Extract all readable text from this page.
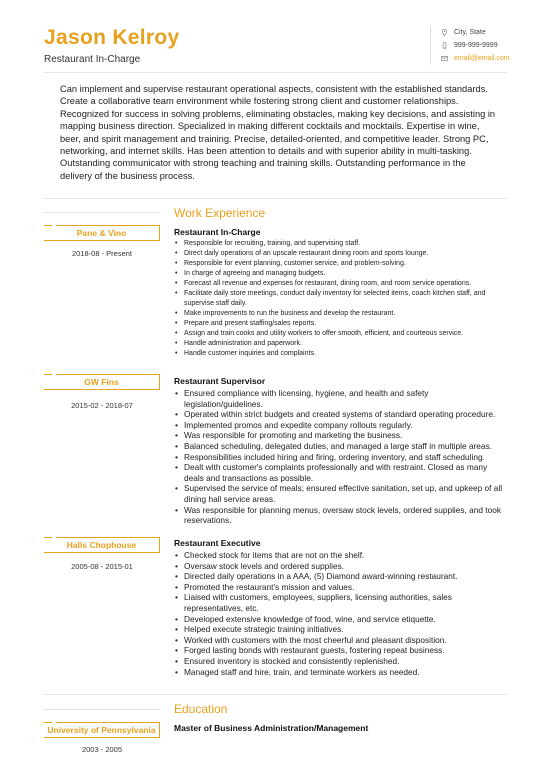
Jason Kelroy
Restaurant In-Charge
City, State
999-999-9999
email@email.com
Can implement and supervise restaurant operational aspects, consistent with the established standards. Create a collaborative team environment while fostering strong client and customer relationships. Recognized for success in solving problems, eliminating obstacles, making key decisions, and assisting in mapping business direction. Specialized in making different cocktails and mocktails. Expertise in wine, beer, and spirit management and training. Precise, detailed-oriented, and competitive leader. Strong PC, networking, and internet skills. Has been attention to details and with superior ability in multi-tasking. Outstanding communicator with strong teaching and training skills. Outstanding performance in the delivery of the business process.
Work Experience
Pane & Vino
2018-08 - Present
Restaurant In-Charge
• Responsible for recruiting, training, and supervising staff.
• Direct daily operations of an upscale restaurant dining room and sports lounge.
• Responsible for event planning, customer service, and problem-solving.
• In charge of agreeing and managing budgets.
• Forecast all revenue and expenses for restaurant, dining room, and room service operations.
• Facilitate daily store meetings, conduct daily inventory for selected items, coach kitchen staff, and supervise staff daily.
• Make improvements to run the business and develop the restaurant.
• Prepare and present staffing/sales reports.
• Assign and train cooks and utility workers to offer smooth, efficient, and courteous service.
• Handle administration and paperwork.
• Handle customer inquiries and complaints.
GW Fins
2015-02 - 2018-07
Restaurant Supervisor
• Ensured compliance with licensing, hygiene, and health and safety legislation/guidelines.
• Operated within strict budgets and created systems of standard operating procedure.
• Implemented promos and expedite company rollouts regularly.
• Was responsible for promoting and marketing the business.
• Balanced scheduling, delegated duties, and managed a large staff in multiple areas.
• Responsibilities included hiring and firing, ordering inventory, and staff scheduling.
• Dealt with customer's complaints professionally and with restraint. Closed as many deals and transactions as possible.
• Supervised the service of meals; ensured effective sanitation, set up, and upkeep of all dining hall service areas.
• Was responsible for planning menus, oversaw stock levels, ordered supplies, and took reservations.
Halls Chophouse
2005-08 - 2015-01
Restaurant Executive
• Checked stock for items that are not on the shelf.
• Oversaw stock levels and ordered supplies.
• Directed daily operations in a AAA, (5) Diamond award-winning restaurant.
• Promoted the restaurant's mission and values.
• Liaised with customers, employees, suppliers, licensing authorities, sales representatives, etc.
• Developed extensive knowledge of food, wine, and service etiquette.
• Helped execute strategic training initiatives.
• Worked with customers with the most cheerful and pleasant disposition.
• Forged lasting bonds with restaurant guests, fostering repeat business.
• Ensured inventory is stocked and consistently replenished.
• Managed staff and hire, train, and terminate workers as needed.
Education
University of Pennsylvania
2003 - 2005
Master of Business Administration/Management
